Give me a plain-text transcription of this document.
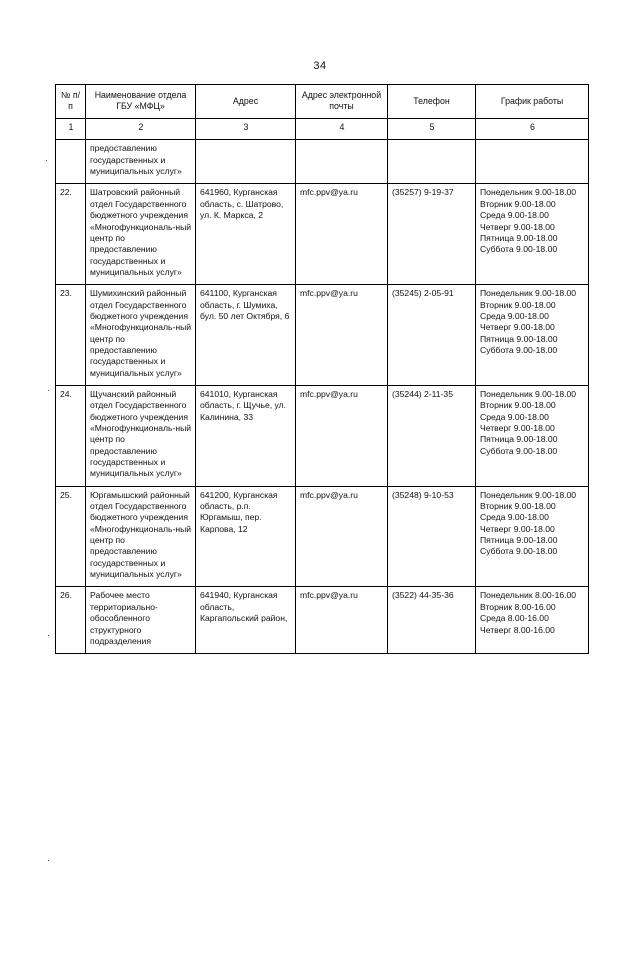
34
№ п/п	Наименование отдела ГБУ «МФЦ»	Адрес	Адрес электронной почты	Телефон	График работы
1	2	3	4	5	6
	предоставлению государственных и муниципальных услуг»				
22.	Шатровский районный отдел Государственного бюджетного учреждения «Многофункциональ-ный центр по предоставлению государственных и муниципальных услуг»	641960, Курганская область, с. Шатрово, ул. К. Маркса, 2	mfc.ppv@ya.ru	(35257) 9-19-37	Понедельник 9.00-18.00
Вторник 9.00-18.00
Среда 9.00-18.00
Четверг 9.00-18.00
Пятница 9.00-18.00
Суббота 9.00-18.00

23.	Шумихинский районный отдел Государственного бюджетного учреждения «Многофункциональ-ный центр по предоставлению государственных и муниципальных услуг»	641100, Курганская область, г. Шумиха, бул. 50 лет Октября, 6	mfc.ppv@ya.ru	(35245) 2-05-91	Понедельник 9.00-18.00
Вторник 9.00-18.00
Среда 9.00-18.00
Четверг 9.00-18.00
Пятница 9.00-18.00
Суббота 9.00-18.00

24.	Щучанский районный отдел Государственного бюджетного учреждения «Многофункциональ-ный центр по предоставлению государственных и муниципальных услуг»	641010, Курганская область, г. Щучье, ул. Калинина, 33	mfc.ppv@ya.ru	(35244) 2-11-35	Понедельник 9.00-18.00
Вторник 9.00-18.00
Среда 9.00-18.00
Четверг 9.00-18.00
Пятница 9.00-18.00
Суббота 9.00-18.00

25.	Юргамышский районный отдел Государственного бюджетного учреждения «Многофункциональ-ный центр по предоставлению государственных и муниципальных услуг»	641200, Курганская область, р.п. Юргамыш, пер. Карпова, 12	mfc.ppv@ya.ru	(35248) 9-10-53	Понедельник 9.00-18.00
Вторник 9.00-18.00
Среда 9.00-18.00
Четверг 9.00-18.00
Пятница 9.00-18.00
Суббота 9.00-18.00

26.	Рабочее место территориально-обособленного структурного подразделения	641940, Курганская область, Каргапольский район,	mfc.ppv@ya.ru	(3522) 44-35-36	Понедельник 8.00-16.00
Вторник 8.00-16.00
Среда 8.00-16.00
Четверг 8.00-16.00
·
·
·
·
